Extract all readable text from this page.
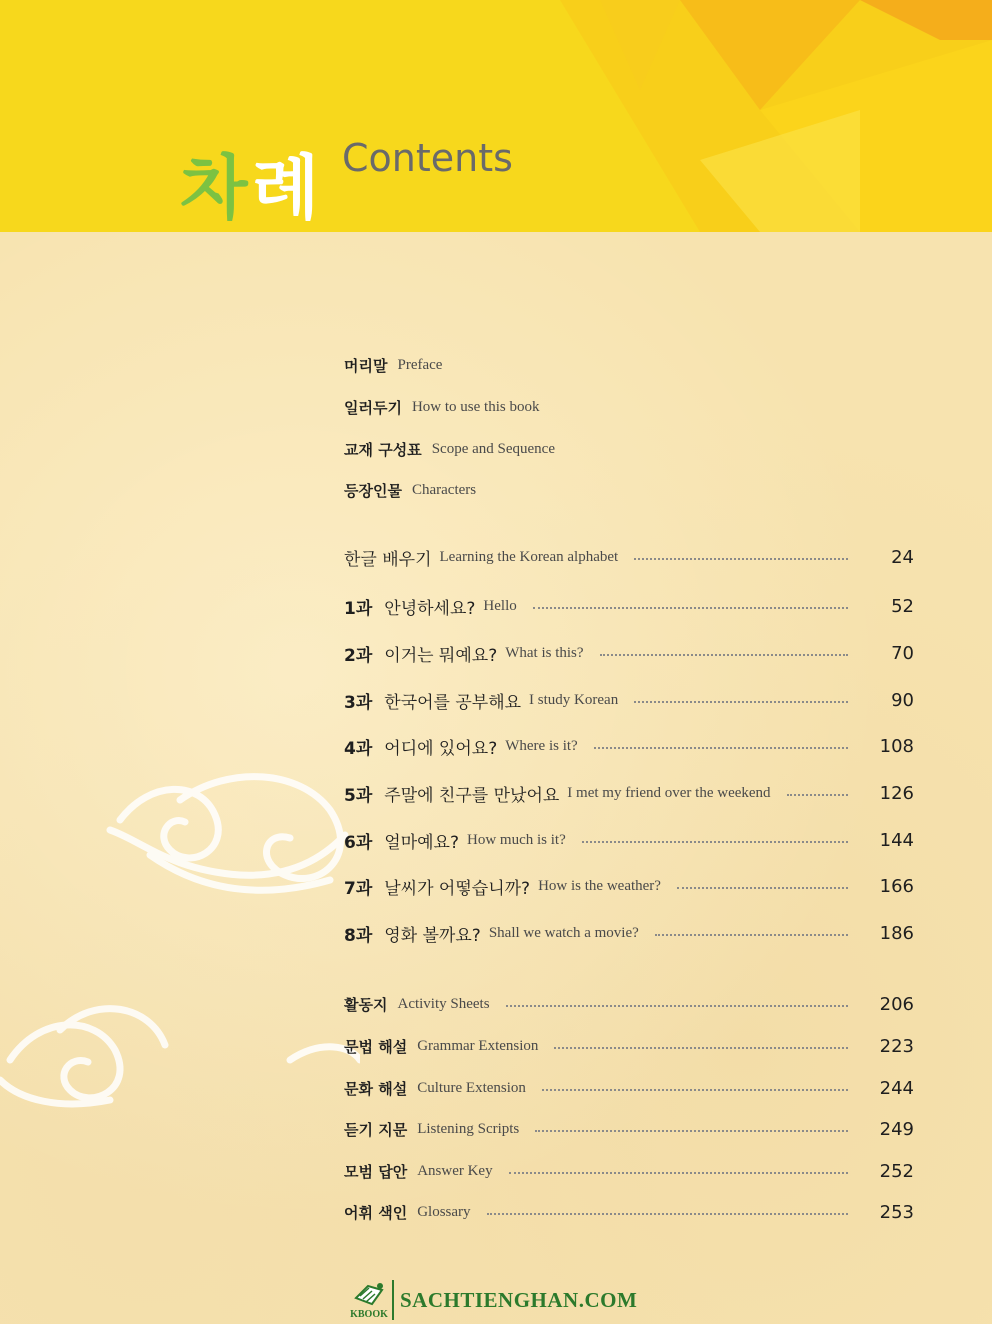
차례 Contents
머리말 Preface
일러두기 How to use this book
교재 구성표 Scope and Sequence
등장인물 Characters
한글 배우기 Learning the Korean alphabet	24
1과 안녕하세요? Hello	52
2과 이거는 뭐예요? What is this?	70
3과 한국어를 공부해요 I study Korean	90
4과 어디에 있어요? Where is it?	108
5과 주말에 친구를 만났어요 I met my friend over the weekend	126
6과 얼마예요? How much is it?	144
7과 날씨가 어떻습니까? How is the weather?	166
8과 영화 볼까요? Shall we watch a movie?	186
활동지 Activity Sheets	206
문법 해설 Grammar Extension	223
문화 해설 Culture Extension	244
듣기 지문 Listening Scripts	249
모범 답안 Answer Key	252
어휘 색인 Glossary	253
KBOOK
SACHTIENGHAN.COM
